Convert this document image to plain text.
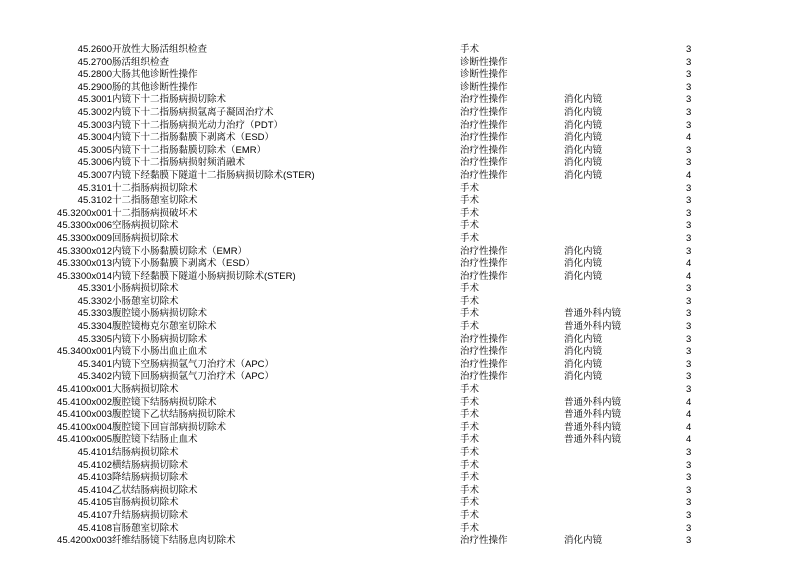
45.2600	开放性大肠活组织检查	手术		3
45.2700	肠活组织检查	诊断性操作		3
45.2800	大肠其他诊断性操作	诊断性操作		3
45.2900	肠的其他诊断性操作	诊断性操作		3
45.3001	内镜下十二指肠病损切除术	治疗性操作	消化内镜	3
45.3002	内镜下十二指肠病损氩离子凝固治疗术	治疗性操作	消化内镜	3
45.3003	内镜下十二指肠病损光动力治疗（PDT）	治疗性操作	消化内镜	3
45.3004	内镜下十二指肠黏膜下剥离术（ESD）	治疗性操作	消化内镜	4
45.3005	内镜下十二指肠黏膜切除术（EMR）	治疗性操作	消化内镜	3
45.3006	内镜下十二指肠病损射频消融术	治疗性操作	消化内镜	3
45.3007	内镜下经黏膜下隧道十二指肠病损切除术(STER)	治疗性操作	消化内镜	4
45.3101	十二指肠病损切除术	手术		3
45.3102	十二指肠憩室切除术	手术		3
45.3200x001	十二指肠病损破坏术	手术		3
45.3300x006	空肠病损切除术	手术		3
45.3300x009	回肠病损切除术	手术		3
45.3300x012	内镜下小肠黏膜切除术（EMR）	治疗性操作	消化内镜	3
45.3300x013	内镜下小肠黏膜下剥离术（ESD）	治疗性操作	消化内镜	4
45.3300x014	内镜下经黏膜下隧道小肠病损切除术(STER)	治疗性操作	消化内镜	4
45.3301	小肠病损切除术	手术		3
45.3302	小肠憩室切除术	手术		3
45.3303	腹腔镜小肠病损切除术	手术	普通外科内镜	3
45.3304	腹腔镜梅克尔憩室切除术	手术	普通外科内镜	3
45.3305	内镜下小肠病损切除术	治疗性操作	消化内镜	3
45.3400x001	内镜下小肠出血止血术	治疗性操作	消化内镜	3
45.3401	内镜下空肠病损氩气刀治疗术（APC）	治疗性操作	消化内镜	3
45.3402	内镜下回肠病损氩气刀治疗术（APC）	治疗性操作	消化内镜	3
45.4100x001	大肠病损切除术	手术		3
45.4100x002	腹腔镜下结肠病损切除术	手术	普通外科内镜	4
45.4100x003	腹腔镜下乙状结肠病损切除术	手术	普通外科内镜	4
45.4100x004	腹腔镜下回盲部病损切除术	手术	普通外科内镜	4
45.4100x005	腹腔镜下结肠止血术	手术	普通外科内镜	4
45.4101	结肠病损切除术	手术		3
45.4102	横结肠病损切除术	手术		3
45.4103	降结肠病损切除术	手术		3
45.4104	乙状结肠病损切除术	手术		3
45.4105	盲肠病损切除术	手术		3
45.4107	升结肠病损切除术	手术		3
45.4108	盲肠憩室切除术	手术		3
45.4200x003	纤维结肠镜下结肠息肉切除术	治疗性操作	消化内镜	3
